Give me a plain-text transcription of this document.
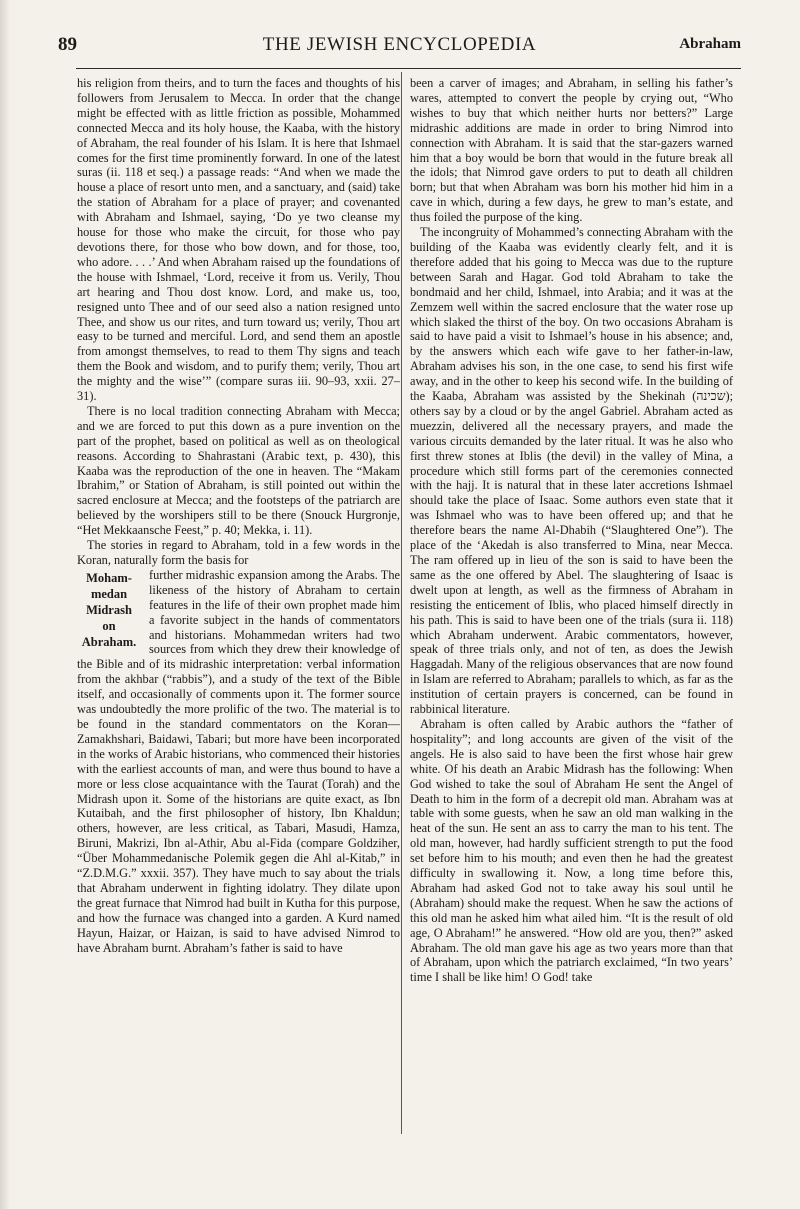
89	THE JEWISH ENCYCLOPEDIA	Abraham

his religion from theirs, and to turn the faces and thoughts of his followers from Jerusalem to Mecca. In order that the change might be effected with as little friction as possible, Mohammed connected Mecca and its holy house, the Kaaba, with the history of Abraham, the real founder of his Islam. It is here that Ishmael comes for the first time prominently forward. In one of the latest suras (ii. 118 et seq.) a passage reads: “And when we made the house a place of resort unto men, and a sanctuary, and (said) take the station of Abraham for a place of prayer; and covenanted with Abraham and Ishmael, saying, ‘Do ye two cleanse my house for those who make the circuit, for those who pay devotions there, for those who bow down, and for those, too, who adore. . . .’ And when Abraham raised up the foundations of the house with Ishmael, ‘Lord, receive it from us. Verily, Thou art hearing and Thou dost know. Lord, and make us, too, resigned unto Thee and of our seed also a nation resigned unto Thee, and show us our rites, and turn toward us; verily, Thou art easy to be turned and merciful. Lord, and send them an apostle from amongst themselves, to read to them Thy signs and teach them the Book and wisdom, and to purify them; verily, Thou art the mighty and the wise’” (compare suras iii. 90–93, xxii. 27–31).

There is no local tradition connecting Abraham with Mecca; and we are forced to put this down as a pure invention on the part of the prophet, based on political as well as on theological reasons. According to Shahrastani (Arabic text, p. 430), this Kaaba was the reproduction of the one in heaven. The “Makam Ibrahim,” or Station of Abraham, is still pointed out within the sacred enclosure at Mecca; and the footsteps of the patriarch are believed by the worshipers still to be there (Snouck Hurgronje, “Het Mekkaansche Feest,” p. 40; Mekka, i. 11).

The stories in regard to Abraham, told in a few words in the Koran, naturally form the basis for

Moham-
medan
Midrash
on
Abraham.

further midrashic expansion among the Arabs. The likeness of the history of Abraham to certain features in the life of their own prophet made him a favorite subject in the hands of commentators and historians. Mohammedan writers had two sources from which they drew their knowledge of the Bible and of its midrashic interpretation: verbal information from the akhbar (“rabbis”), and a study of the text of the Bible itself, and occasionally of comments upon it. The former source was undoubtedly the more prolific of the two. The material is to be found in the standard commentators on the Koran—Zamakhshari, Baidawi, Tabari; but more have been incorporated in the works of Arabic historians, who commenced their histories with the earliest accounts of man, and were thus bound to have a more or less close acquaintance with the Taurat (Torah) and the Midrash upon it. Some of the historians are quite exact, as Ibn Kutaibah, and the first philosopher of history, Ibn Khaldun; others, however, are less critical, as Tabari, Masudi, Hamza, Biruni, Makrizi, Ibn al-Athir, Abu al-Fida (compare Goldziher, “Über Mohammedanische Polemik gegen die Ahl al-Kitab,” in “Z.D.M.G.” xxxii. 357). They have much to say about the trials that Abraham underwent in fighting idolatry. They dilate upon the great furnace that Nimrod had built in Kutha for this purpose, and how the furnace was changed into a garden. A Kurd named Hayun, Haizar, or Haizan, is said to have advised Nimrod to have Abraham burnt. Abraham’s father is said to have

been a carver of images; and Abraham, in selling his father’s wares, attempted to convert the people by crying out, “Who wishes to buy that which neither hurts nor betters?” Large midrashic additions are made in order to bring Nimrod into connection with Abraham. It is said that the star-gazers warned him that a boy would be born that would in the future break all the idols; that Nimrod gave orders to put to death all children born; but that when Abraham was born his mother hid him in a cave in which, during a few days, he grew to man’s estate, and thus foiled the purpose of the king.

The incongruity of Mohammed’s connecting Abraham with the building of the Kaaba was evidently clearly felt, and it is therefore added that his going to Mecca was due to the rupture between Sarah and Hagar. God told Abraham to take the bondmaid and her child, Ishmael, into Arabia; and it was at the Zemzem well within the sacred enclosure that the water rose up which slaked the thirst of the boy. On two occasions Abraham is said to have paid a visit to Ishmael’s house in his absence; and, by the answers which each wife gave to her father-in-law, Abraham advises his son, in the one case, to send his first wife away, and in the other to keep his second wife. In the building of the Kaaba, Abraham was assisted by the Shekinah (שכינה); others say by a cloud or by the angel Gabriel. Abraham acted as muezzin, delivered all the necessary prayers, and made the various circuits demanded by the later ritual. It was he also who first threw stones at Iblis (the devil) in the valley of Mina, a procedure which still forms part of the ceremonies connected with the hajj. It is natural that in these later accretions Ishmael should take the place of Isaac. Some authors even state that it was Ishmael who was to have been offered up; and that he therefore bears the name Al-Dhabih (“Slaughtered One”). The place of the ‘Akedah is also transferred to Mina, near Mecca. The ram offered up in lieu of the son is said to have been the same as the one offered by Abel. The slaughtering of Isaac is dwelt upon at length, as well as the firmness of Abraham in resisting the enticement of Iblis, who placed himself directly in his path. This is said to have been one of the trials (sura ii. 118) which Abraham underwent. Arabic commentators, however, speak of three trials only, and not of ten, as does the Jewish Haggadah. Many of the religious observances that are now found in Islam are referred to Abraham; parallels to which, as far as the institution of certain prayers is concerned, can be found in rabbinical literature.

Abraham is often called by Arabic authors the “father of hospitality”; and long accounts are given of the visit of the angels. He is also said to have been the first whose hair grew white. Of his death an Arabic Midrash has the following: When God wished to take the soul of Abraham He sent the Angel of Death to him in the form of a decrepit old man. Abraham was at table with some guests, when he saw an old man walking in the heat of the sun. He sent an ass to carry the man to his tent. The old man, however, had hardly sufficient strength to put the food set before him to his mouth; and even then he had the greatest difficulty in swallowing it. Now, a long time before this, Abraham had asked God not to take away his soul until he (Abraham) should make the request. When he saw the actions of this old man he asked him what ailed him. “It is the result of old age, O Abraham!” he answered. “How old are you, then?” asked Abraham. The old man gave his age as two years more than that of Abraham, upon which the patriarch exclaimed, “In two years’ time I shall be like him! O God! take
